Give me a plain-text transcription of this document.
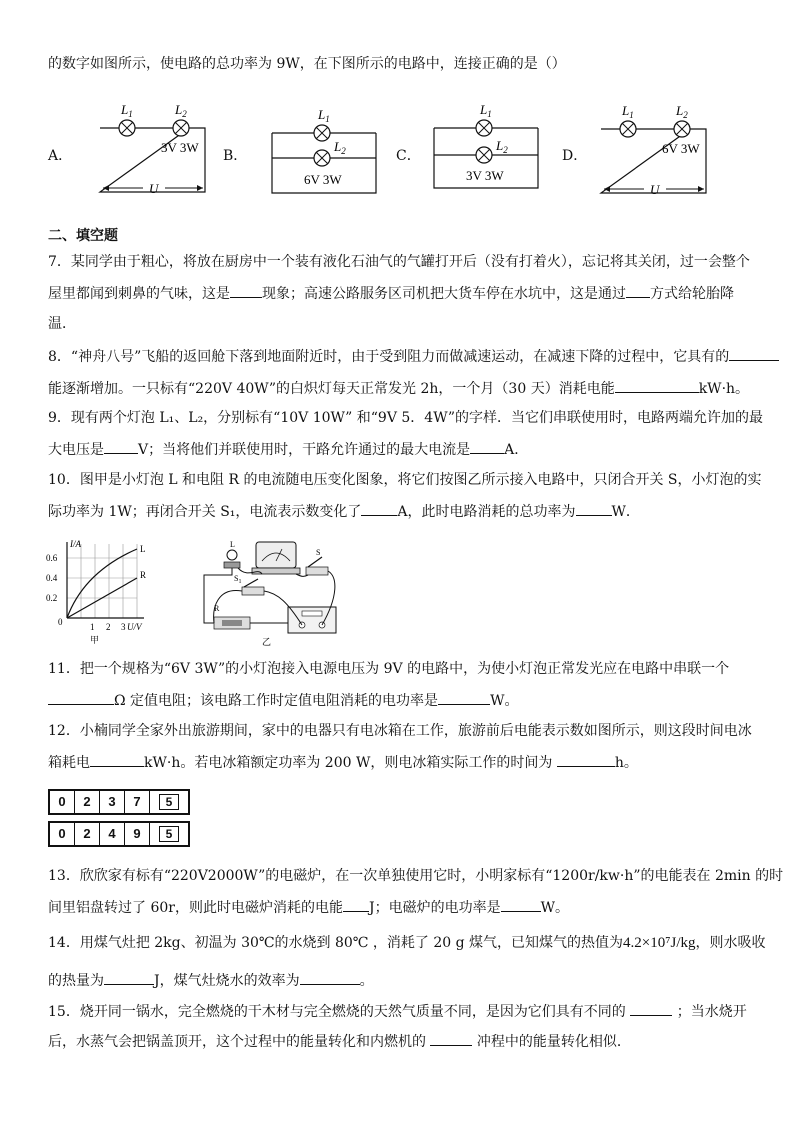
的数字如图所示，使电路的总功率为 9W，在下图所示的电路中，连接正确的是（）
A．
$L_1$	$L_2$
3V 3W
U
B．
$L_1$
$L_2$
6V 3W
C．
$L_1$
$L_2$
3V 3W
D．
$L_1$	$L_2$
6V 3W
U
二、填空题
7．某同学由于粗心，将放在厨房中一个装有液化石油气的气罐打开后（没有打着火），忘记将其关闭，过一会整个
屋里都闻到刺鼻的气味，这是 现象；高速公路服务区司机把大货车停在水坑中，这是通过 方式给轮胎降
温．
8．“神舟八号”飞船的返回舱下落到地面附近时，由于受到阻力而做减速运动，在减速下降的过程中，它具有的
能逐渐增加。一只标有“220V 40W”的白炽灯每天正常发光 2h，一个月（30 天）消耗电能	kW·h。
9．现有两个灯泡 L₁、L₂，分别标有“10V 10W” 和“9V 5．4W”的字样．当它们串联使用时，电路两端允许加的最
大电压是 V；当将他们并联使用时，干路允许通过的最大电流是 A．
10．图甲是小灯泡 L 和电阻 R 的电流随电压变化图象，将它们按图乙所示接入电路中，只闭合开关 S，小灯泡的实
际功率为 1W；再闭合开关 S₁，电流表示数变化了	A，此时电路消耗的总功率为	W．
I/A
0.6
0.4
0.2
0	1 2 3 U/V
L
R
甲
L
S
$S_1$
R
乙
11．把一个规格为“6V 3W”的小灯泡接入电源电压为 9V 的电路中，为使小灯泡正常发光应在电路中串联一个
Ω 定值电阻；该电路工作时定值电阻消耗的电功率是	W。
12．小楠同学全家外出旅游期间，家中的电器只有电冰箱在工作，旅游前后电能表示数如图所示，则这段时间电冰
箱耗电	kW·h。若电冰箱额定功率为 200 W，则电冰箱实际工作的时间为	h。
0	2	3	7	5
0	2	4	9	5
13．欣欣家有标有“220V2000W”的电磁炉，在一次单独使用它时，小明家标有“1200r/kw·h”的电能表在 2min 的时
间里铝盘转过了 60r，则此时电磁炉消耗的电能 J；电磁炉的电功率是	W。
14．用煤气灶把 2kg、初温为 30℃的水烧到 80℃ ，消耗了 20 g 煤气，已知煤气的热值为4.2×10⁷J/kg，则水吸收
的热量为	J，煤气灶烧水的效率为	。
15．烧开同一锅水，完全燃烧的干木材与完全燃烧的天然气质量不同，是因为它们具有不同的	；当水烧开
后，水蒸气会把锅盖顶开，这个过程中的能量转化和内燃机的	冲程中的能量转化相似．
